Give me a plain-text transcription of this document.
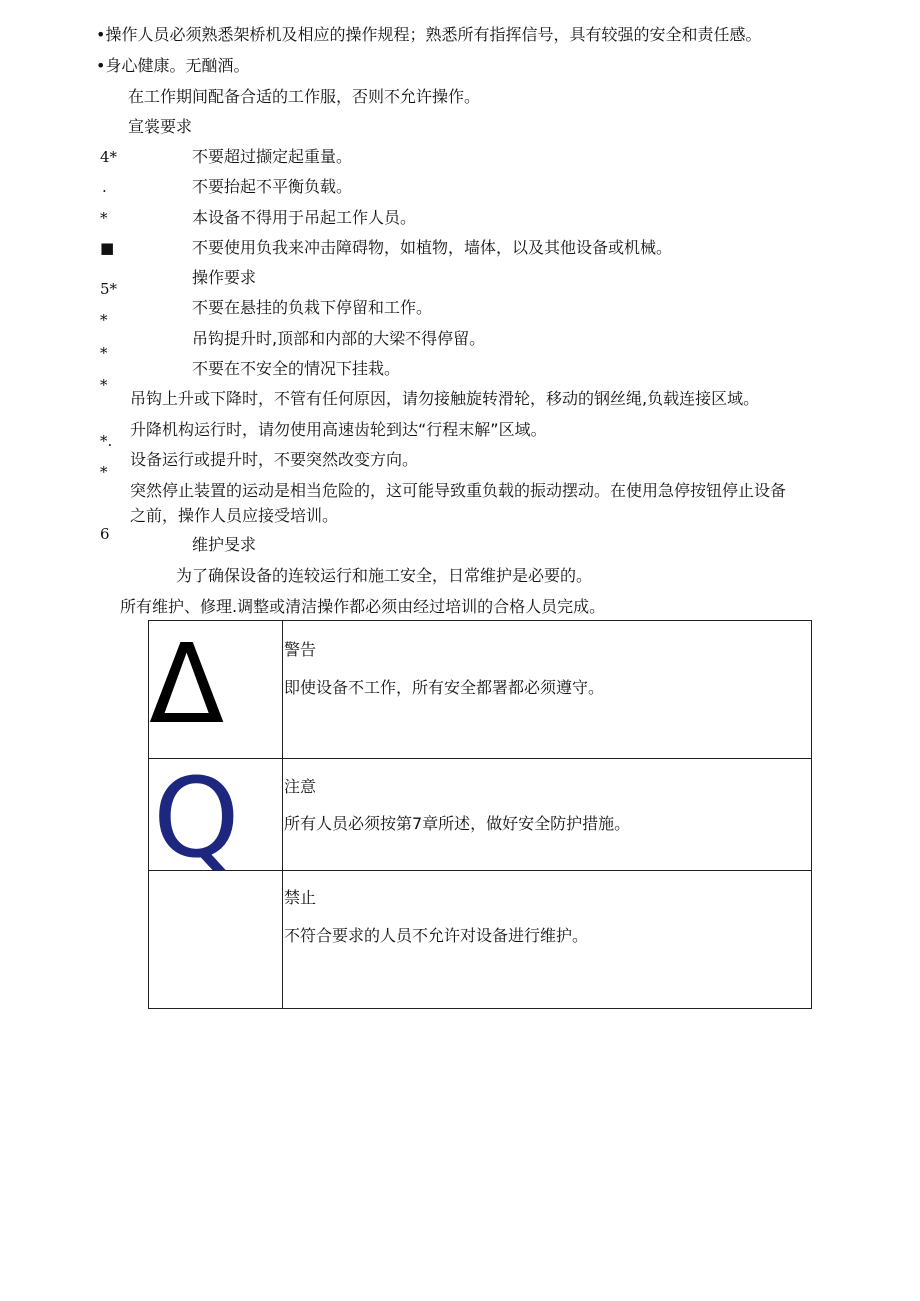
•操作人员必须熟悉架桥机及相应的操作规程；熟悉所有指挥信号，具有较强的安全和责任感。
•身心健康。无酗酒。
在工作期间配备合适的工作服，否则不允许操作。
宣裳要求
4*	不要超过撷定起重量。
.	不要抬起不平衡负载。
*	本设备不得用于吊起工作人员。
■	不要使用负我来冲击障碍物，如植物，墙体，以及其他设备或机械。
操作要求
5*
*
不要在悬挂的负栽下停留和工作。
*
吊钩提升时,顶部和内部的大梁不得停留。
*
不要在不安全的情况下挂栽。
吊钩上升或下降时，不管有任何原因，请勿接触旋转滑轮，移动的钢丝绳,负载连接区域。
*.
升降机构运行时，请勿使用高速齿轮到达“行程末解”区域。
*
设备运行或提升时，不要突然改变方向。
突然停止装置的运动是相当危险的，这可能导致重负载的振动摆动。在使用急停按钮停止设备
之前，操作人员应接受培训。
6
维护旻求
为了确保设备的连较运行和施工安全，日常维护是必要的。
所有维护、修理.调整或清洁操作都必须由经过培训的合格人员完成。
Δ	警告
即使设备不工作，所有安全都署都必须遵守。
Q	注意
所有人员必须按第7章所述，做好安全防护措施。
禁止
不符合要求的人员不允许对设备进行维护。
